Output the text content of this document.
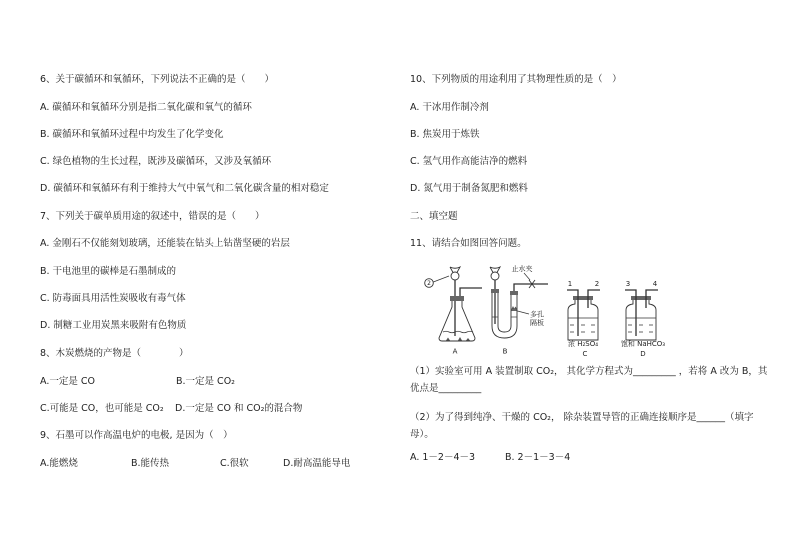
6、关于碳循环和氧循环，下列说法不正确的是（　　）
A. 碳循环和氧循环分别是指二氧化碳和氧气的循环
B. 碳循环和氧循环过程中均发生了化学变化
C. 绿色植物的生长过程，既涉及碳循环，又涉及氧循环
D. 碳循环和氧循环有利于维持大气中氧气和二氧化碳含量的相对稳定
7、下列关于碳单质用途的叙述中，错误的是（　　）
A. 金刚石不仅能刻划玻璃，还能装在钻头上钻凿坚硬的岩层
B. 干电池里的碳棒是石墨制成的
C. 防毒面具用活性炭吸收有毒气体
D. 制糖工业用炭黑来吸附有色物质
8、木炭燃烧的产物是（　　　　）
A.一定是 CO	B.一定是 CO₂
C.可能是 CO，也可能是 CO₂ D.一定是 CO 和 CO₂的混合物
9、石墨可以作高温电炉的电极, 是因为（　）
A.能燃烧	B.能传热	C.很软	D.耐高温能导电
10、下列物质的用途利用了其物理性质的是（　）
A. 干冰用作制冷剂
B. 焦炭用于炼铁
C. 氢气用作高能洁净的燃料
D. 氮气用于制备氮肥和燃料
二、填空题
11、请结合如图回答问题。
2
A
止水夹
多孔
隔板
B
1	2
浓 H₂SO₄
C
3	4
饱和 NaHCO₃
D
（1）实验室可用 A 装置制取 CO₂， 其化学方程式为_________ ，若将 A 改为 B，其
优点是_________
（2）为了得到纯净、干燥的 CO₂， 除杂装置导管的正确连接顺序是______（填字
母）。
A. 1－2－4－3	B. 2－1－3－4
